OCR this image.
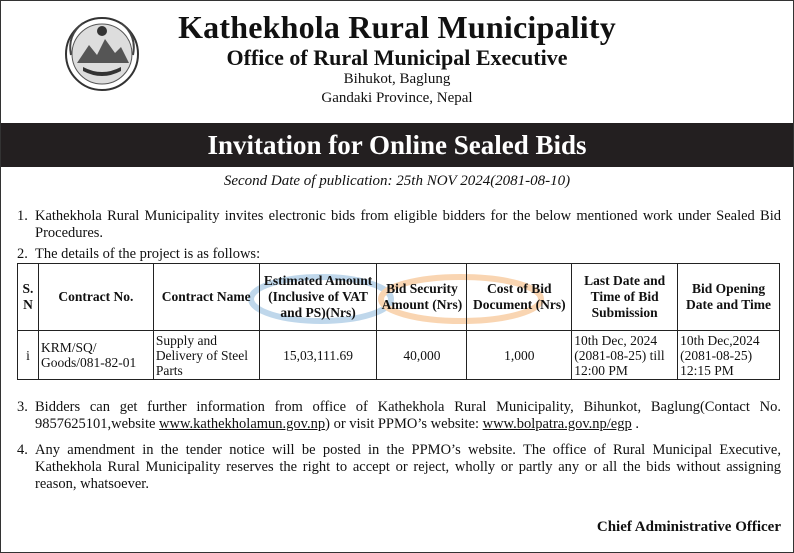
Kathekhola Rural Municipality
Office of Rural Municipal Executive
Bihukot, Baglung
Gandaki Province, Nepal
Invitation for Online Sealed Bids
Second Date of publication: 25th NOV 2024(2081-08-10)
1. Kathekhola Rural Municipality invites electronic bids from eligible bidders for the below mentioned work under Sealed Bid Procedures.
2. The details of the project is as follows:
S. N	Contract No.	Contract Name	Estimated Amount (Inclusive of VAT and PS)(Nrs)	Bid Security Amount (Nrs)	Cost of Bid Document (Nrs)	Last Date and Time of Bid Submission	Bid Opening Date and Time
i	KRM/SQ/ Goods/081-82-01	Supply and Delivery of Steel Parts	15,03,111.69	40,000	1,000	10th Dec, 2024 (2081-08-25) till 12:00 PM	10th Dec,2024 (2081-08-25) 12:15 PM
3. Bidders can get further information from office of Kathekhola Rural Municipality, Bihunkot, Baglung(Contact No. 9857625101,website www.kathekholamun.gov.np) or visit PPMO’s website: www.bolpatra.gov.np/egp .
4. Any amendment in the tender notice will be posted in the PPMO’s website. The office of Rural Municipal Executive, Kathekhola Rural Municipality reserves the right to accept or reject, wholly or partly any or all the bids without assigning reason, whatsoever.
Chief Administrative Officer
